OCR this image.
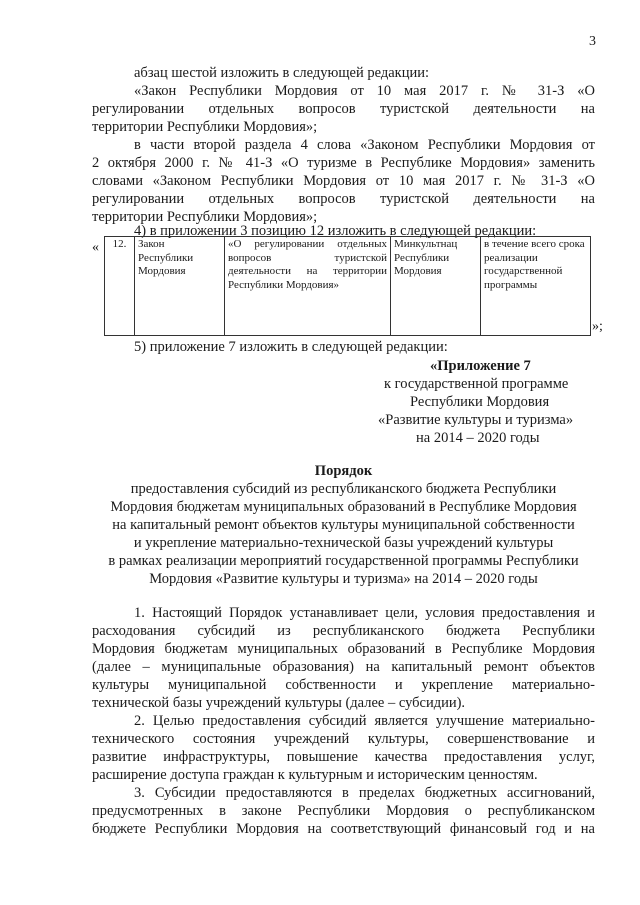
3
абзац шестой изложить в следующей редакции:
«Закон Республики Мордовия от 10 мая 2017 г. № 31-З «О
регулировании отдельных вопросов туристской деятельности на
территории Республики Мордовия»;
в части второй раздела 4 слова «Законом Республики Мордовия от
2 октября 2000 г. № 41-З «О туризме в Республике Мордовия» заменить
словами «Законом Республики Мордовия от 10 мая 2017 г. № 31-З «О
регулировании отдельных вопросов туристской деятельности на
территории Республики Мордовия»;
4) в приложении 3 позицию 12 изложить в следующей редакции:
« 12.	Закон Республики Мордовия	«О регулировании отдельных вопросов туристской деятельности на территории Республики Мордовия»	Минкультнац Республики Мордовия	в течение всего срока реализации государственной программы
»;
5) приложение 7 изложить в следующей редакции:
«Приложение 7
к государственной программе
Республики Мордовия
«Развитие культуры и туризма»
на 2014 – 2020 годы
Порядок
предоставления субсидий из республиканского бюджета Республики
Мордовия бюджетам муниципальных образований в Республике Мордовия
на капитальный ремонт объектов культуры муниципальной собственности
и укрепление материально-технической базы учреждений культуры
в рамках реализации мероприятий государственной программы Республики
Мордовия «Развитие культуры и туризма» на 2014 – 2020 годы
1. Настоящий Порядок устанавливает цели, условия предоставления и
расходования субсидий из республиканского бюджета Республики
Мордовия бюджетам муниципальных образований в Республике Мордовия
(далее – муниципальные образования) на капитальный ремонт объектов
культуры муниципальной собственности и укрепление материально-
технической базы учреждений культуры (далее – субсидии).
2. Целью предоставления субсидий является улучшение материально-
технического состояния учреждений культуры, совершенствование и
развитие инфраструктуры, повышение качества предоставления услуг,
расширение доступа граждан к культурным и историческим ценностям.
3. Субсидии предоставляются в пределах бюджетных ассигнований,
предусмотренных в законе Республики Мордовия о республиканском
бюджете Республики Мордовия на соответствующий финансовый год и на
